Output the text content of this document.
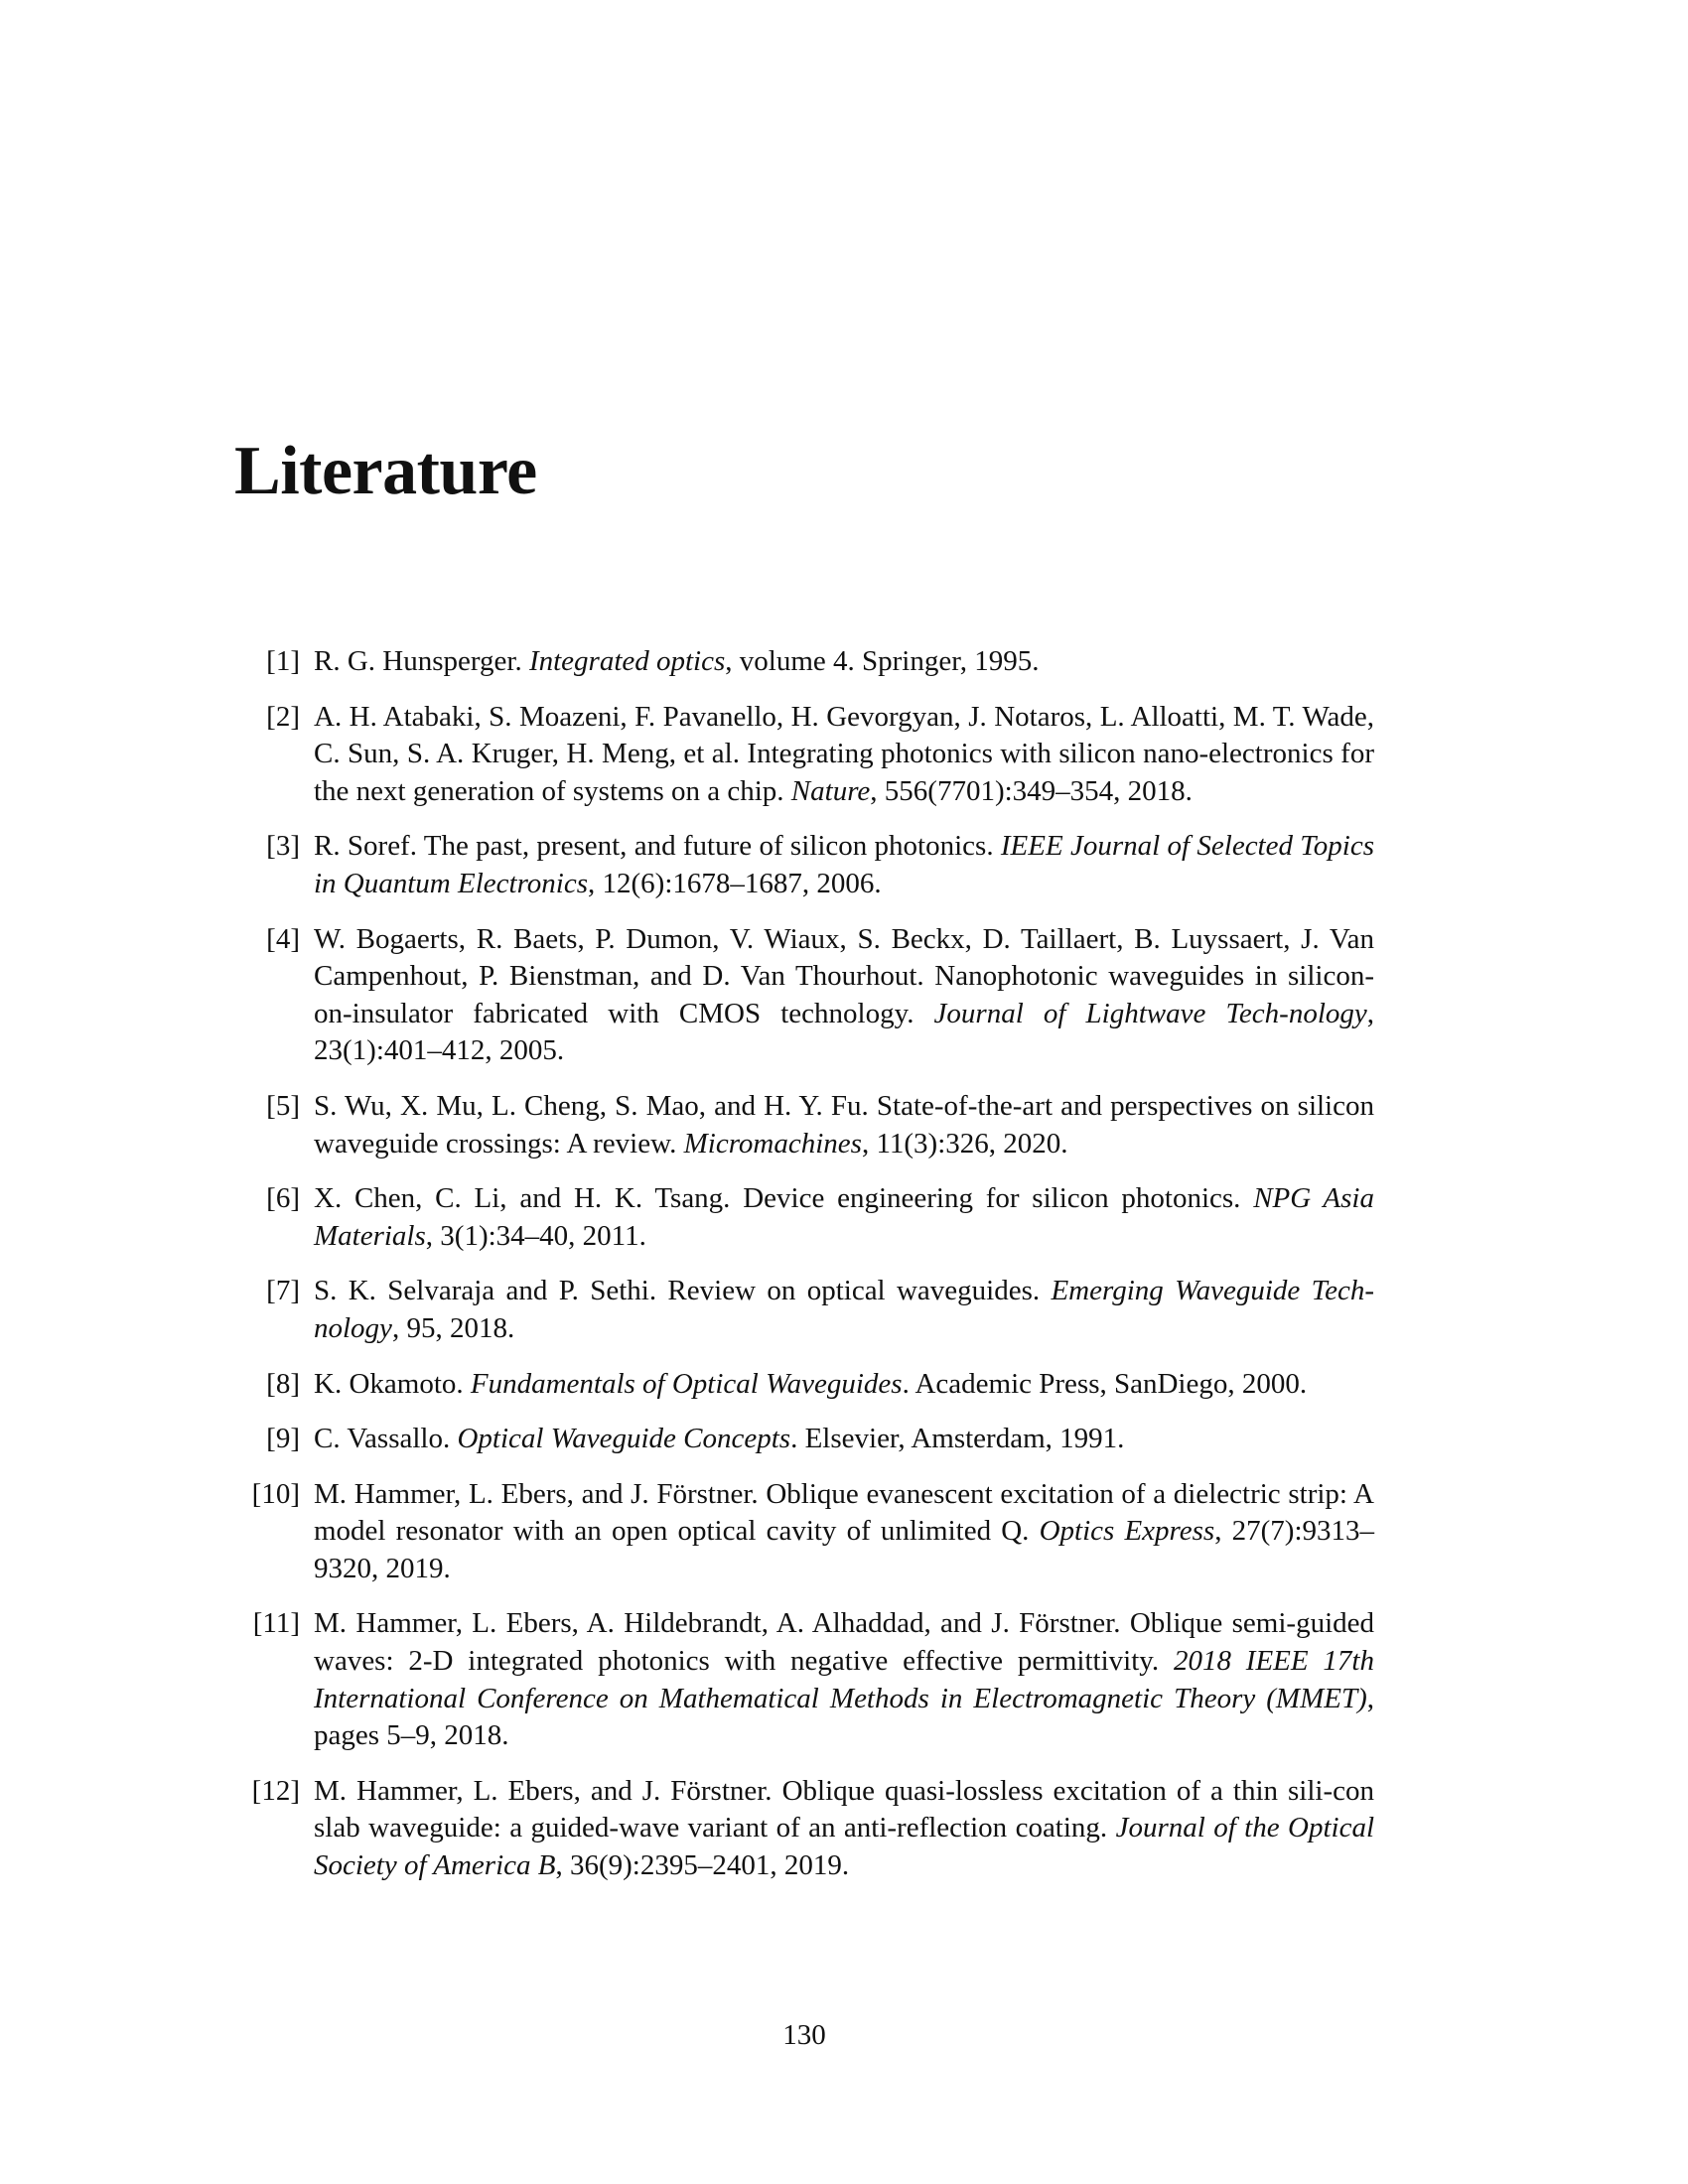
Literature
[1] R. G. Hunsperger. Integrated optics, volume 4. Springer, 1995.
[2] A. H. Atabaki, S. Moazeni, F. Pavanello, H. Gevorgyan, J. Notaros, L. Alloatti, M. T. Wade, C. Sun, S. A. Kruger, H. Meng, et al. Integrating photonics with silicon nano-electronics for the next generation of systems on a chip. Nature, 556(7701):349–354, 2018.
[3] R. Soref. The past, present, and future of silicon photonics. IEEE Journal of Selected Topics in Quantum Electronics, 12(6):1678–1687, 2006.
[4] W. Bogaerts, R. Baets, P. Dumon, V. Wiaux, S. Beckx, D. Taillaert, B. Luyssaert, J. Van Campenhout, P. Bienstman, and D. Van Thourhout. Nanophotonic waveguides in silicon-on-insulator fabricated with CMOS technology. Journal of Lightwave Tech-nology, 23(1):401–412, 2005.
[5] S. Wu, X. Mu, L. Cheng, S. Mao, and H. Y. Fu. State-of-the-art and perspectives on silicon waveguide crossings: A review. Micromachines, 11(3):326, 2020.
[6] X. Chen, C. Li, and H. K. Tsang. Device engineering for silicon photonics. NPG Asia Materials, 3(1):34–40, 2011.
[7] S. K. Selvaraja and P. Sethi. Review on optical waveguides. Emerging Waveguide Tech-nology, 95, 2018.
[8] K. Okamoto. Fundamentals of Optical Waveguides. Academic Press, SanDiego, 2000.
[9] C. Vassallo. Optical Waveguide Concepts. Elsevier, Amsterdam, 1991.
[10] M. Hammer, L. Ebers, and J. Förstner. Oblique evanescent excitation of a dielectric strip: A model resonator with an open optical cavity of unlimited Q. Optics Express, 27(7):9313–9320, 2019.
[11] M. Hammer, L. Ebers, A. Hildebrandt, A. Alhaddad, and J. Förstner. Oblique semi-guided waves: 2-D integrated photonics with negative effective permittivity. 2018 IEEE 17th International Conference on Mathematical Methods in Electromagnetic Theory (MMET), pages 5–9, 2018.
[12] M. Hammer, L. Ebers, and J. Förstner. Oblique quasi-lossless excitation of a thin sili-con slab waveguide: a guided-wave variant of an anti-reflection coating. Journal of the Optical Society of America B, 36(9):2395–2401, 2019.
130
